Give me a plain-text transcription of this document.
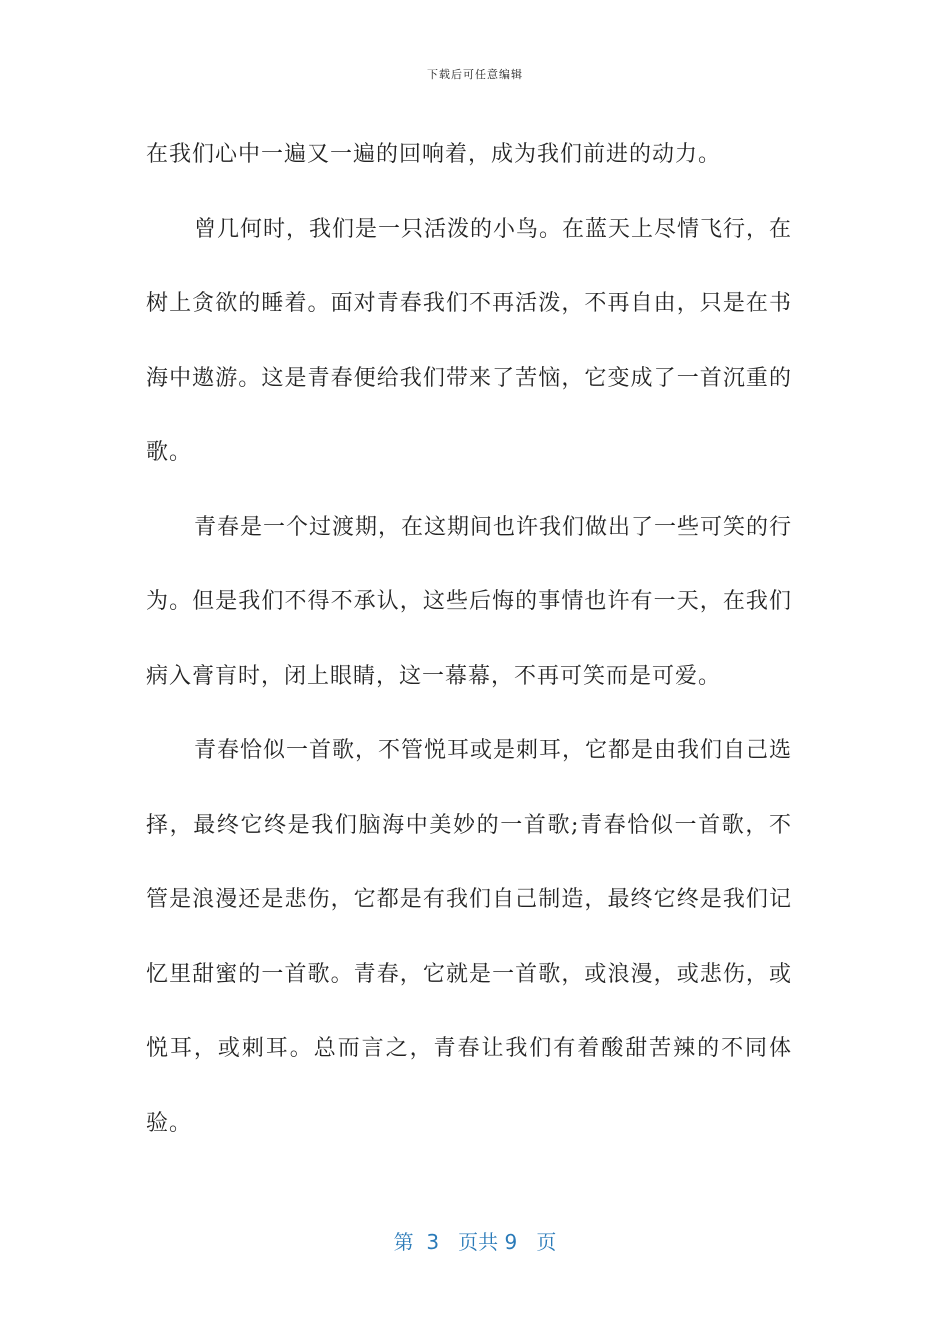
下载后可任意编辑

在我们心中一遍又一遍的回响着，成为我们前进的动力。

曾几何时，我们是一只活泼的小鸟。在蓝天上尽情飞行，在树上贪欲的睡着。面对青春我们不再活泼，不再自由，只是在书海中遨游。这是青春便给我们带来了苦恼，它变成了一首沉重的歌。

青春是一个过渡期，在这期间也许我们做出了一些可笑的行为。但是我们不得不承认，这些后悔的事情也许有一天，在我们病入膏肓时，闭上眼睛，这一幕幕，不再可笑而是可爱。

青春恰似一首歌，不管悦耳或是刺耳，它都是由我们自己选择，最终它终是我们脑海中美妙的一首歌;青春恰似一首歌，不管是浪漫还是悲伤，它都是有我们自己制造，最终它终是我们记忆里甜蜜的一首歌。青春，它就是一首歌，或浪漫，或悲伤，或悦耳，或刺耳。总而言之，青春让我们有着酸甜苦辣的不同体验。

第  3   页共 9   页
